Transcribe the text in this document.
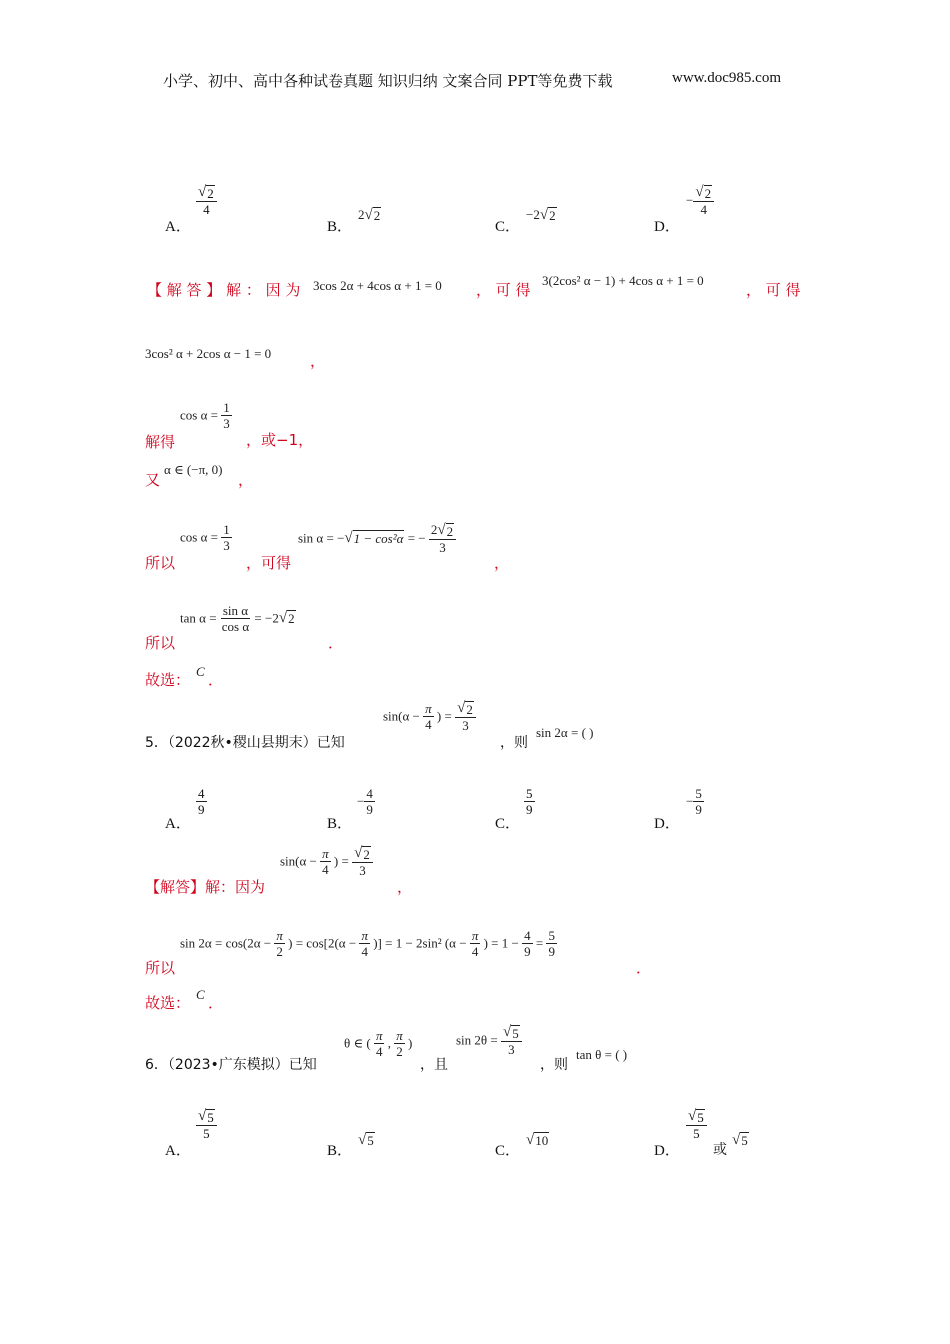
小学、初中、高中各种试卷真题 知识归纳 文案合同 PPT等免费下载	www.doc985.com
A．
$\frac{√ 2}{4}$
B．
2 √ 2
C．
−2 √ 2
D．
− $\frac{√ 2}{4}$
【 解 答 】 解 ： 因 为 3cos 2α + 4cos α + 1 = 0 ， 可 得
3(2cos² α − 1) + 4cos α + 1 = 0
， 可 得
3cos² α + 2cos α − 1 = 0	，
解得
$\cos \alpha = \frac{1}{3}$
，或−1，
又
α ∈ (−π, 0)
，
所以
$\cos \alpha = \frac{1}{3}$
，可得
sin α = − √ 1 − cos²α = − $\frac{2 √ 2}{3}$
，
所以
$\tan \alpha = \frac{\text{sin α}}{\text{cos α}} = -2$ √ 2
．
故选： C ．
5．（2022秋•稷山县期末）已知
$\sin(\alpha - \frac{\pi}{4}$ ) = $\frac{√ 2}{3}$
，则
sin 2α = ( )
A．
$\frac{4}{9}$
B．
− $\frac{4}{9}$
C．
$\frac{5}{9}$
D．
− $\frac{5}{9}$
【解答】解：因为
$\sin(\alpha - \frac{\pi}{4}$ ) = $\frac{√ 2}{3}$
，
所以
$\sin 2\alpha = \cos(2\alpha - \frac{\pi}{2}$ ) = $\cos[2(\alpha - \frac{\pi}{4}$ )] = 1 − 2sin² ($\alpha - \frac{\pi}{4}$ ) = $1 - \frac{4}{9} = \frac{5}{9}$
．
故选： C ．
6．（2023•广东模拟）已知
θ ∈ ( $\frac{\pi}{4}$ , $\frac{\pi}{2}$ )
，且
$\sin 2\theta = \frac{√ 5}{3}$
，则
tan θ = ( )
A．
$\frac{√ 5}{5}$
B．
√ 5
C．
√ 10
D．
$\frac{√ 5}{5}$
或
√ 5
